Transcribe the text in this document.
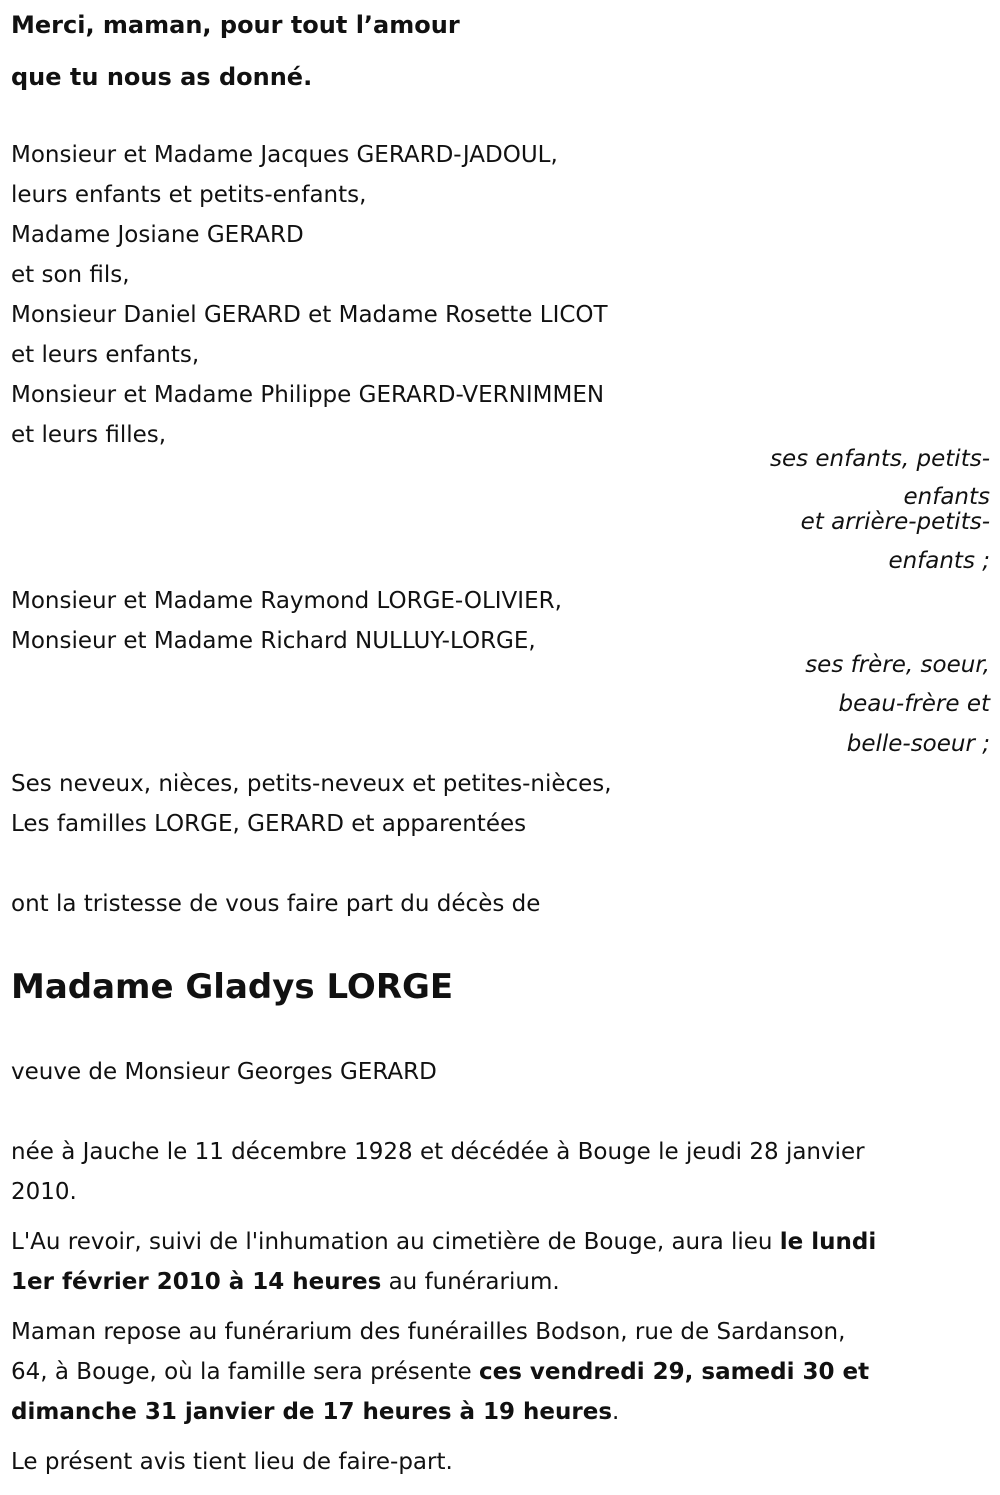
Merci, maman, pour tout l’amour
que tu nous as donné.
Monsieur et Madame Jacques GERARD-JADOUL,
leurs enfants et petits-enfants,
Madame Josiane GERARD
et son fils,
Monsieur Daniel GERARD et Madame Rosette LICOT
et leurs enfants,
Monsieur et Madame Philippe GERARD-VERNIMMEN
et leurs filles,
ses enfants, petits-
enfants
et arrière-petits-
enfants ;
Monsieur et Madame Raymond LORGE-OLIVIER,
Monsieur et Madame Richard NULLUY-LORGE,
ses frère, soeur,
beau-frère et
belle-soeur ;
Ses neveux, nièces, petits-neveux et petites-nièces,
Les familles LORGE, GERARD et apparentées
ont la tristesse de vous faire part du décès de
Madame Gladys LORGE
veuve de Monsieur Georges GERARD
née à Jauche le 11 décembre 1928 et décédée à Bouge le jeudi 28 janvier
2010.
L'Au revoir, suivi de l'inhumation au cimetière de Bouge, aura lieu le lundi
1er février 2010 à 14 heures au funérarium.
Maman repose au funérarium des funérailles Bodson, rue de Sardanson,
64, à Bouge, où la famille sera présente ces vendredi 29, samedi 30 et
dimanche 31 janvier de 17 heures à 19 heures.
Le présent avis tient lieu de faire-part.
